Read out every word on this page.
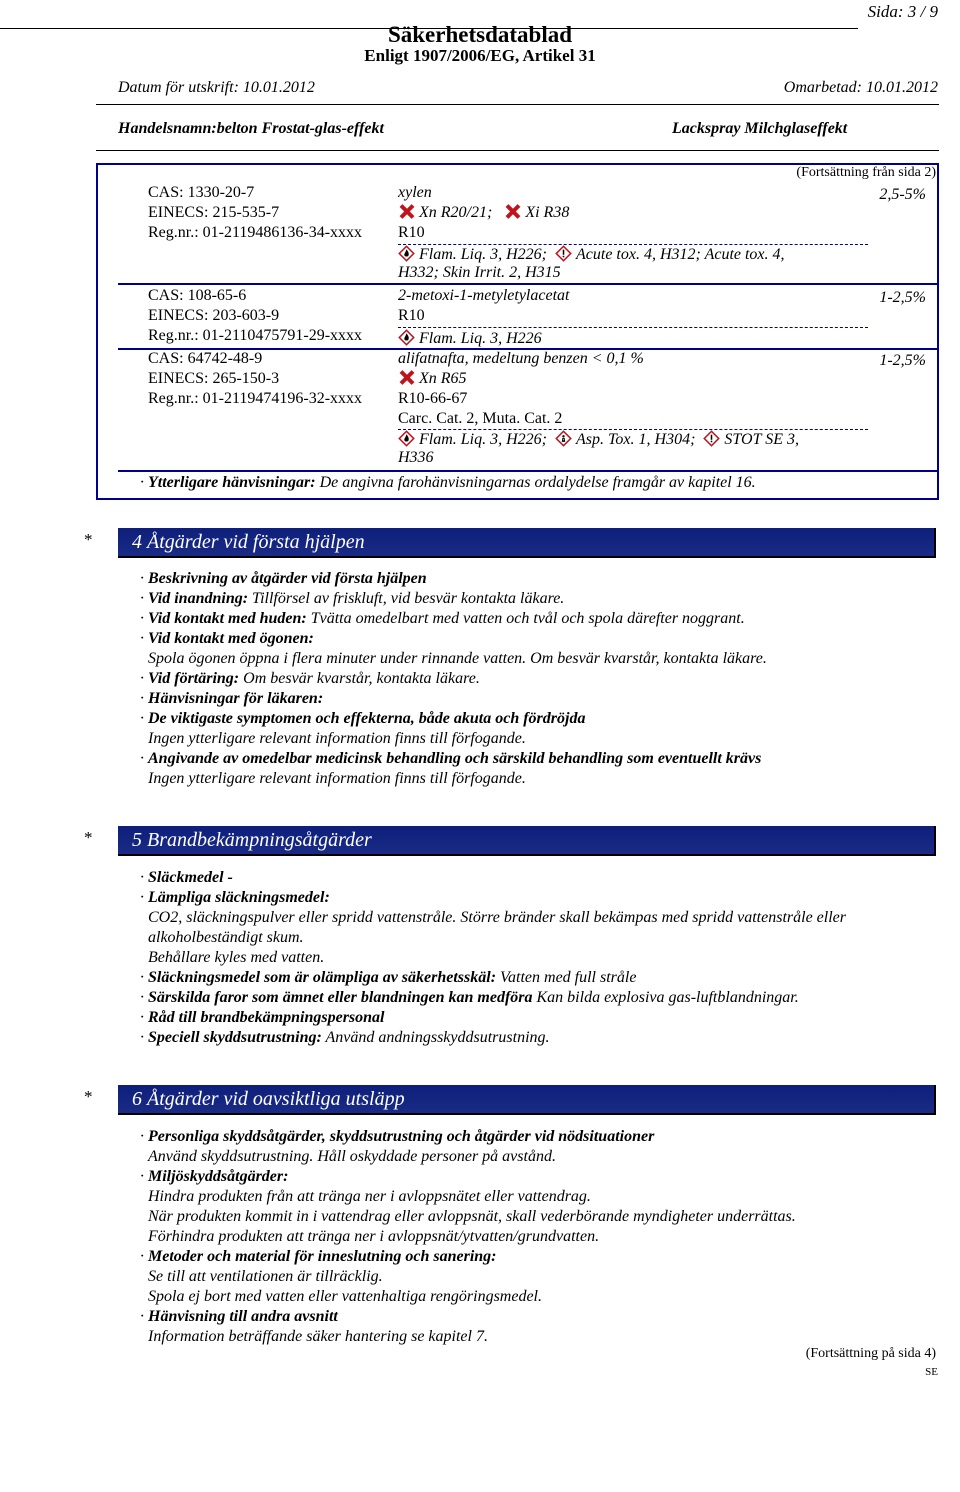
Sida: 3 / 9
Säkerhetsdatablad
Enligt 1907/2006/EG, Artikel 31
Datum för utskrift: 10.01.2012	Omarbetad: 10.01.2012
Handelsnamn:belton Frostat-glas-effekt	Lackspray Milchglaseffekt
(Fortsättning från sida 2)
CAS: 1330-20-7
EINECS: 215-535-7
Reg.nr.: 01-2119486136-34-xxxx
xylen
Xn R20/21; Xi R38
R10
Flam. Liq. 3, H226; Acute tox. 4, H312; Acute tox. 4,
H332; Skin Irrit. 2, H315
2,5-5%
CAS: 108-65-6
EINECS: 203-603-9
Reg.nr.: 01-2110475791-29-xxxx
2-metoxi-1-metyletylacetat
R10
Flam. Liq. 3, H226
1-2,5%
CAS: 64742-48-9
EINECS: 265-150-3
Reg.nr.: 01-2119474196-32-xxxx
alifatnafta, medeltung benzen < 0,1 %
Xn R65
R10-66-67
Carc. Cat. 2, Muta. Cat. 2
Flam. Liq. 3, H226; Asp. Tox. 1, H304; STOT SE 3,
H336
1-2,5%
· Ytterligare hänvisningar: De angivna farohänvisningarnas ordalydelse framgår av kapitel 16.
* 4 Åtgärder vid första hjälpen
· Beskrivning av åtgärder vid första hjälpen
· Vid inandning: Tillförsel av friskluft, vid besvär kontakta läkare.
· Vid kontakt med huden: Tvätta omedelbart med vatten och tvål och spola därefter noggrant.
· Vid kontakt med ögonen:
Spola ögonen öppna i flera minuter under rinnande vatten. Om besvär kvarstår, kontakta läkare.
· Vid förtäring: Om besvär kvarstår, kontakta läkare.
· Hänvisningar för läkaren:
· De viktigaste symptomen och effekterna, både akuta och fördröjda
Ingen ytterligare relevant information finns till förfogande.
· Angivande av omedelbar medicinsk behandling och särskild behandling som eventuellt krävs
Ingen ytterligare relevant information finns till förfogande.
* 5 Brandbekämpningsåtgärder
· Släckmedel -
· Lämpliga släckningsmedel:
CO2, släckningspulver eller spridd vattenstråle. Större bränder skall bekämpas med spridd vattenstråle eller
alkoholbeständigt skum.
Behållare kyles med vatten.
· Släckningsmedel som är olämpliga av säkerhetsskäl: Vatten med full stråle
· Särskilda faror som ämnet eller blandningen kan medföra Kan bilda explosiva gas-luftblandningar.
· Råd till brandbekämpningspersonal
· Speciell skyddsutrustning: Använd andningsskyddsutrustning.
* 6 Åtgärder vid oavsiktliga utsläpp
· Personliga skyddsåtgärder, skyddsutrustning och åtgärder vid nödsituationer
Använd skyddsutrustning. Håll oskyddade personer på avstånd.
· Miljöskyddsåtgärder:
Hindra produkten från att tränga ner i avloppsnätet eller vattendrag.
När produkten kommit in i vattendrag eller avloppsnät, skall vederbörande myndigheter underrättas.
Förhindra produkten att tränga ner i avloppsnät/ytvatten/grundvatten.
· Metoder och material för inneslutning och sanering:
Se till att ventilationen är tillräcklig.
Spola ej bort med vatten eller vattenhaltiga rengöringsmedel.
· Hänvisning till andra avsnitt
Information beträffande säker hantering se kapitel 7.
(Fortsättning på sida 4)
SE
